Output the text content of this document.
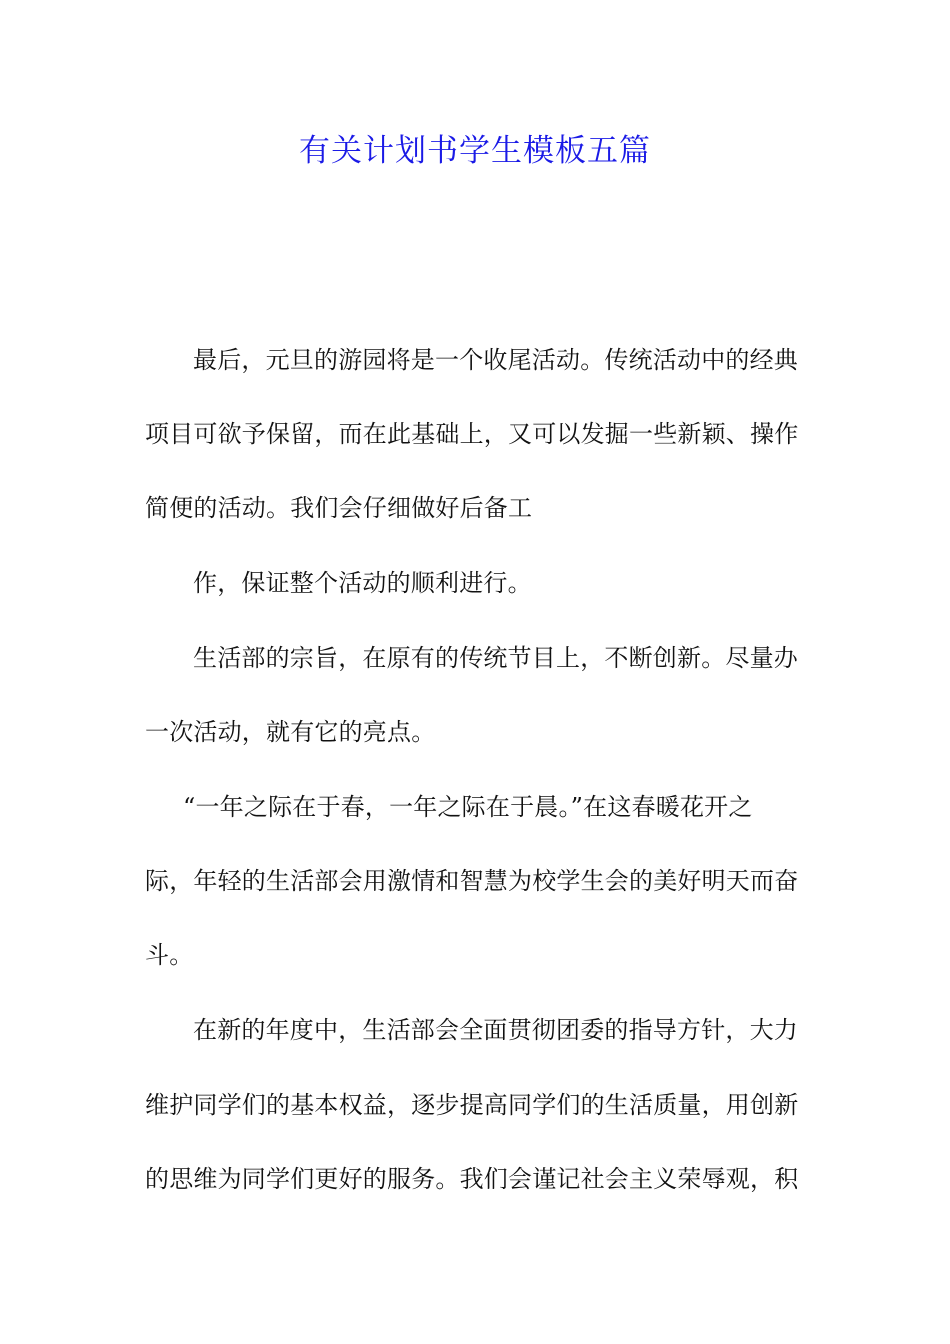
有关计划书学生模板五篇
最后，元旦的游园将是一个收尾活动。传统活动中的经典
项目可欲予保留，而在此基础上，又可以发掘一些新颖、操作
简便的活动。我们会仔细做好后备工
作，保证整个活动的顺利进行。
生活部的宗旨，在原有的传统节目上，不断创新。尽量办
一次活动，就有它的亮点。
“一年之际在于春，一年之际在于晨。”在这春暖花开之
际，年轻的生活部会用激情和智慧为校学生会的美好明天而奋
斗。
在新的年度中，生活部会全面贯彻团委的指导方针，大力
维护同学们的基本权益，逐步提高同学们的生活质量，用创新
的思维为同学们更好的服务。我们会谨记社会主义荣辱观，积
